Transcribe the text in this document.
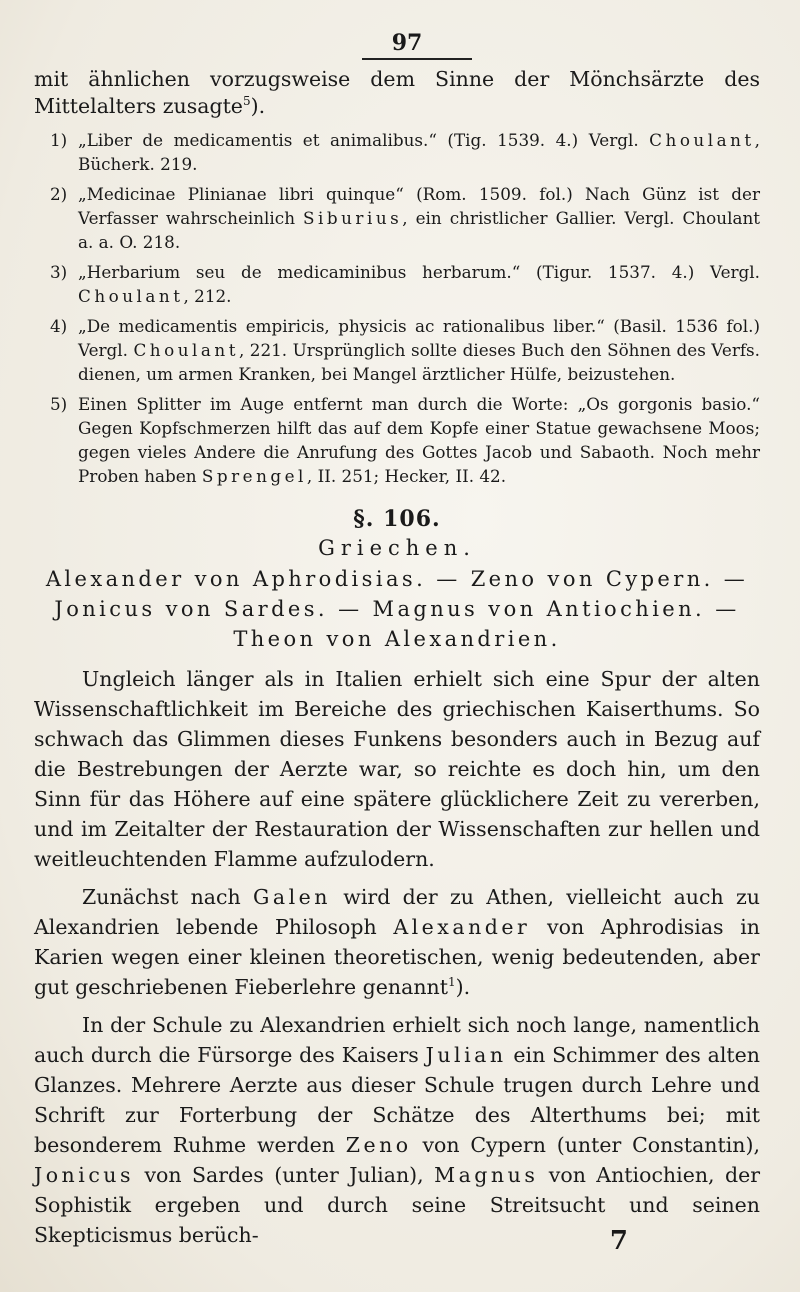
97

mit ähnlichen vorzugsweise dem Sinne der Mönchsärzte des Mittelalters zusagte$^5$).

1) „Liber de medicamentis et animalibus.“ (Tig. 1539. 4.) Vergl. Choulant, Bücherk. 219.
2) „Medicinae Plinianae libri quinque“ (Rom. 1509. fol.) Nach Günz ist der Verfasser wahrscheinlich Siburius, ein christlicher Gallier. Vergl. Choulant a. a. O. 218.
3) „Herbarium seu de medicaminibus herbarum.“ (Tigur. 1537. 4.) Vergl. Choulant, 212.
4) „De medicamentis empiricis, physicis ac rationalibus liber.“ (Basil. 1536 fol.) Vergl. Choulant, 221. Ursprünglich sollte dieses Buch den Söhnen des Verfs. dienen, um armen Kranken, bei Mangel ärztlicher Hülfe, beizustehen.
5) Einen Splitter im Auge entfernt man durch die Worte: „Os gorgonis basio.“ Gegen Kopfschmerzen hilft das auf dem Kopfe einer Statue gewachsene Moos; gegen vieles Andere die Anrufung des Gottes Jacob und Sabaoth. Noch mehr Proben haben Sprengel, II. 251; Hecker, II. 42.
§. 106.
Griechen.
Alexander von Aphrodisias. — Zeno von Cypern. —
Jonicus von Sardes. — Magnus von Antiochien. —
Theon von Alexandrien.

Ungleich länger als in Italien erhielt sich eine Spur der alten Wissenschaftlichkeit im Bereiche des griechischen Kaiserthums. So schwach das Glimmen dieses Funkens besonders auch in Bezug auf die Bestrebungen der Aerzte war, so reichte es doch hin, um den Sinn für das Höhere auf eine spätere glücklichere Zeit zu vererben, und im Zeitalter der Restauration der Wissenschaften zur hellen und weitleuchtenden Flamme aufzulodern.

Zunächst nach Galen wird der zu Athen, vielleicht auch zu Alexandrien lebende Philosoph Alexander von Aphrodisias in Karien wegen einer kleinen theoretischen, wenig bedeutenden, aber gut geschriebenen Fieberlehre genannt$^1$).

In der Schule zu Alexandrien erhielt sich noch lange, namentlich auch durch die Fürsorge des Kaisers Julian ein Schimmer des alten Glanzes. Mehrere Aerzte aus dieser Schule trugen durch Lehre und Schrift zur Forterbung der Schätze des Alterthums bei; mit besonderem Ruhme werden Zeno von Cypern (unter Constantin), Jonicus von Sardes (unter Julian), Magnus von Antiochien, der Sophistik ergeben und durch seine Streitsucht und seinen Skepticismus berüch-	7
